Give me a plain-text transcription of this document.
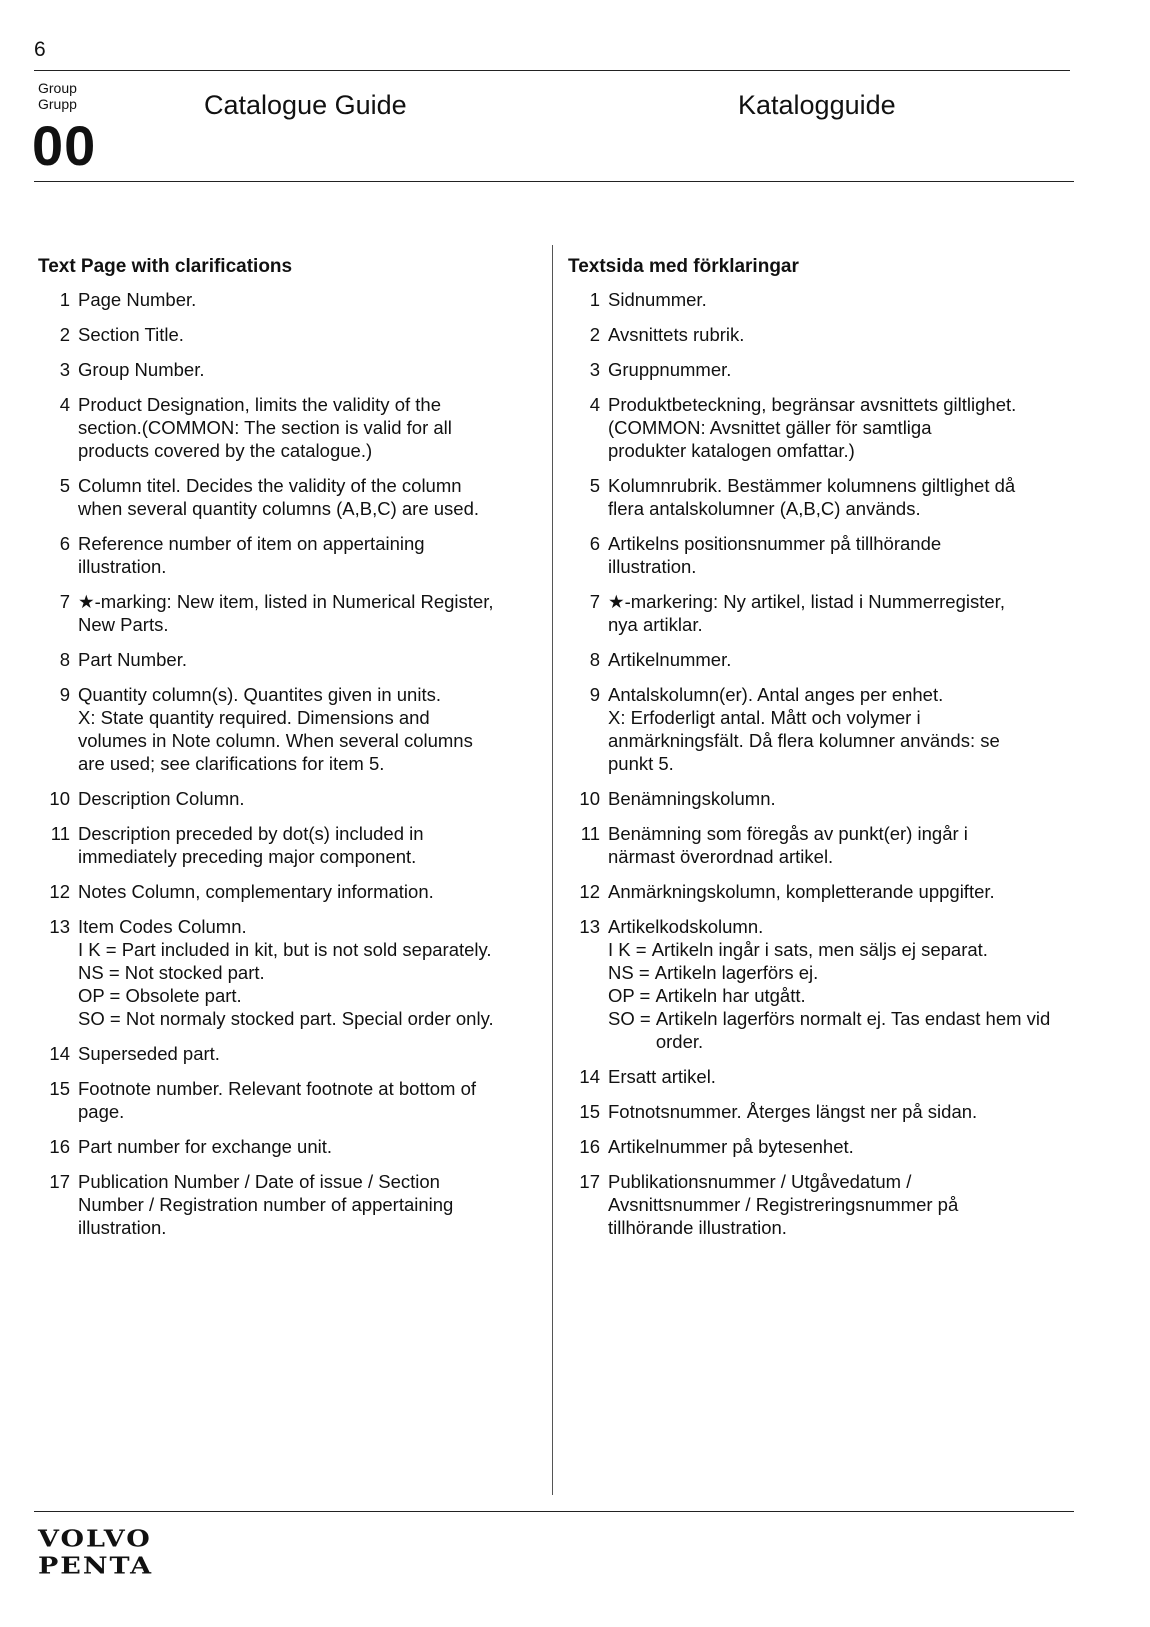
6
Group
Grupp
00
Catalogue Guide	Katalogguide
Text Page with clarifications
1 Page Number.
2 Section Title.
3 Group Number.
4 Product Designation, limits the validity of the
section.(COMMON: The section is valid for all
products covered by the catalogue.)
5 Column titel. Decides the validity of the column
when several quantity columns (A,B,C) are used.
6 Reference number of item on appertaining
illustration.
7 ★-marking: New item, listed in Numerical Register,
New Parts.
8 Part Number.
9 Quantity column(s). Quantites given in units.
X: State quantity required. Dimensions and
volumes in Note column. When several columns
are used; see clarifications for item 5.
10 Description Column.
11 Description preceded by dot(s) included in
immediately preceding major component.
12 Notes Column, complementary information.
13 Item Codes Column.
I K = Part included in kit, but is not sold separately.
NS = Not stocked part.
OP = Obsolete part.
SO = Not normaly stocked part. Special order only.
14 Superseded part.
15 Footnote number. Relevant footnote at bottom of
page.
16 Part number for exchange unit.
17 Publication Number / Date of issue / Section
Number / Registration number of appertaining
illustration.
Textsida med förklaringar
1 Sidnummer.
2 Avsnittets rubrik.
3 Gruppnummer.
4 Produktbeteckning, begränsar avsnittets giltlighet.
(COMMON: Avsnittet gäller för samtliga
produkter katalogen omfattar.)
5 Kolumnrubrik. Bestämmer kolumnens giltlighet då
flera antalskolumner (A,B,C) används.
6 Artikelns positionsnummer på tillhörande
illustration.
7 ★-markering: Ny artikel, listad i Nummerregister,
nya artiklar.
8 Artikelnummer.
9 Antalskolumn(er). Antal anges per enhet.
X: Erfoderligt antal. Mått och volymer i
anmärkningsfält. Då flera kolumner används: se
punkt 5.
10 Benämningskolumn.
11 Benämning som föregås av punkt(er) ingår i
närmast överordnad artikel.
12 Anmärkningskolumn, kompletterande uppgifter.
13 Artikelkodskolumn.
I K = Artikeln ingår i sats, men säljs ej separat.
NS = Artikeln lagerförs ej.
OP = Artikeln har utgått.
SO = Artikeln lagerförs normalt ej. Tas endast hem vid order.
14 Ersatt artikel.
15 Fotnotsnummer. Återges längst ner på sidan.
16 Artikelnummer på bytesenhet.
17 Publikationsnummer / Utgåvedatum /
Avsnittsnummer / Registreringsnummer på
tillhörande illustration.
VOLVO
PENTA
